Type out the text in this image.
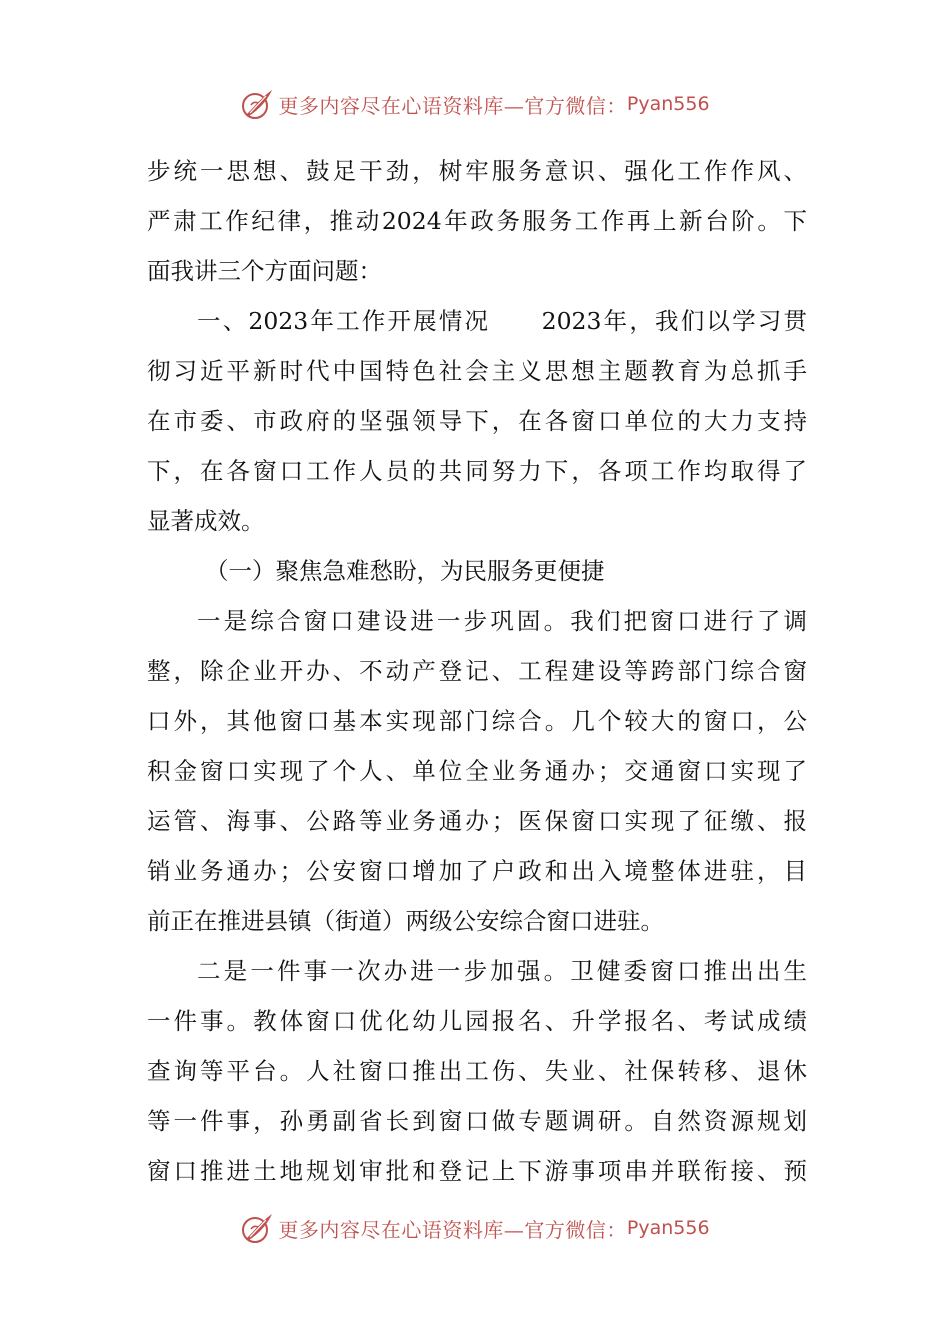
更多内容尽在心语资料库—官方微信： Pyan556
步统一思想、鼓足干劲，树牢服务意识、强化工作作风、
严肃工作纪律，推动2024年政务服务工作再上新台阶。下
面我讲三个方面问题：
一、2023年工作开展情况　　2023年，我们以学习贯
彻习近平新时代中国特色社会主义思想主题教育为总抓手
在市委、市政府的坚强领导下，在各窗口单位的大力支持
下，在各窗口工作人员的共同努力下，各项工作均取得了
显著成效。
（一）聚焦急难愁盼，为民服务更便捷
一是综合窗口建设进一步巩固。我们把窗口进行了调
整，除企业开办、不动产登记、工程建设等跨部门综合窗
口外，其他窗口基本实现部门综合。几个较大的窗口，公
积金窗口实现了个人、单位全业务通办；交通窗口实现了
运管、海事、公路等业务通办；医保窗口实现了征缴、报
销业务通办；公安窗口增加了户政和出入境整体进驻，目
前正在推进县镇（街道）两级公安综合窗口进驻。
二是一件事一次办进一步加强。卫健委窗口推出出生
一件事。教体窗口优化幼儿园报名、升学报名、考试成绩
查询等平台。人社窗口推出工伤、失业、社保转移、退休
等一件事，孙勇副省长到窗口做专题调研。自然资源规划
窗口推进土地规划审批和登记上下游事项串并联衔接、预
更多内容尽在心语资料库—官方微信： Pyan556
